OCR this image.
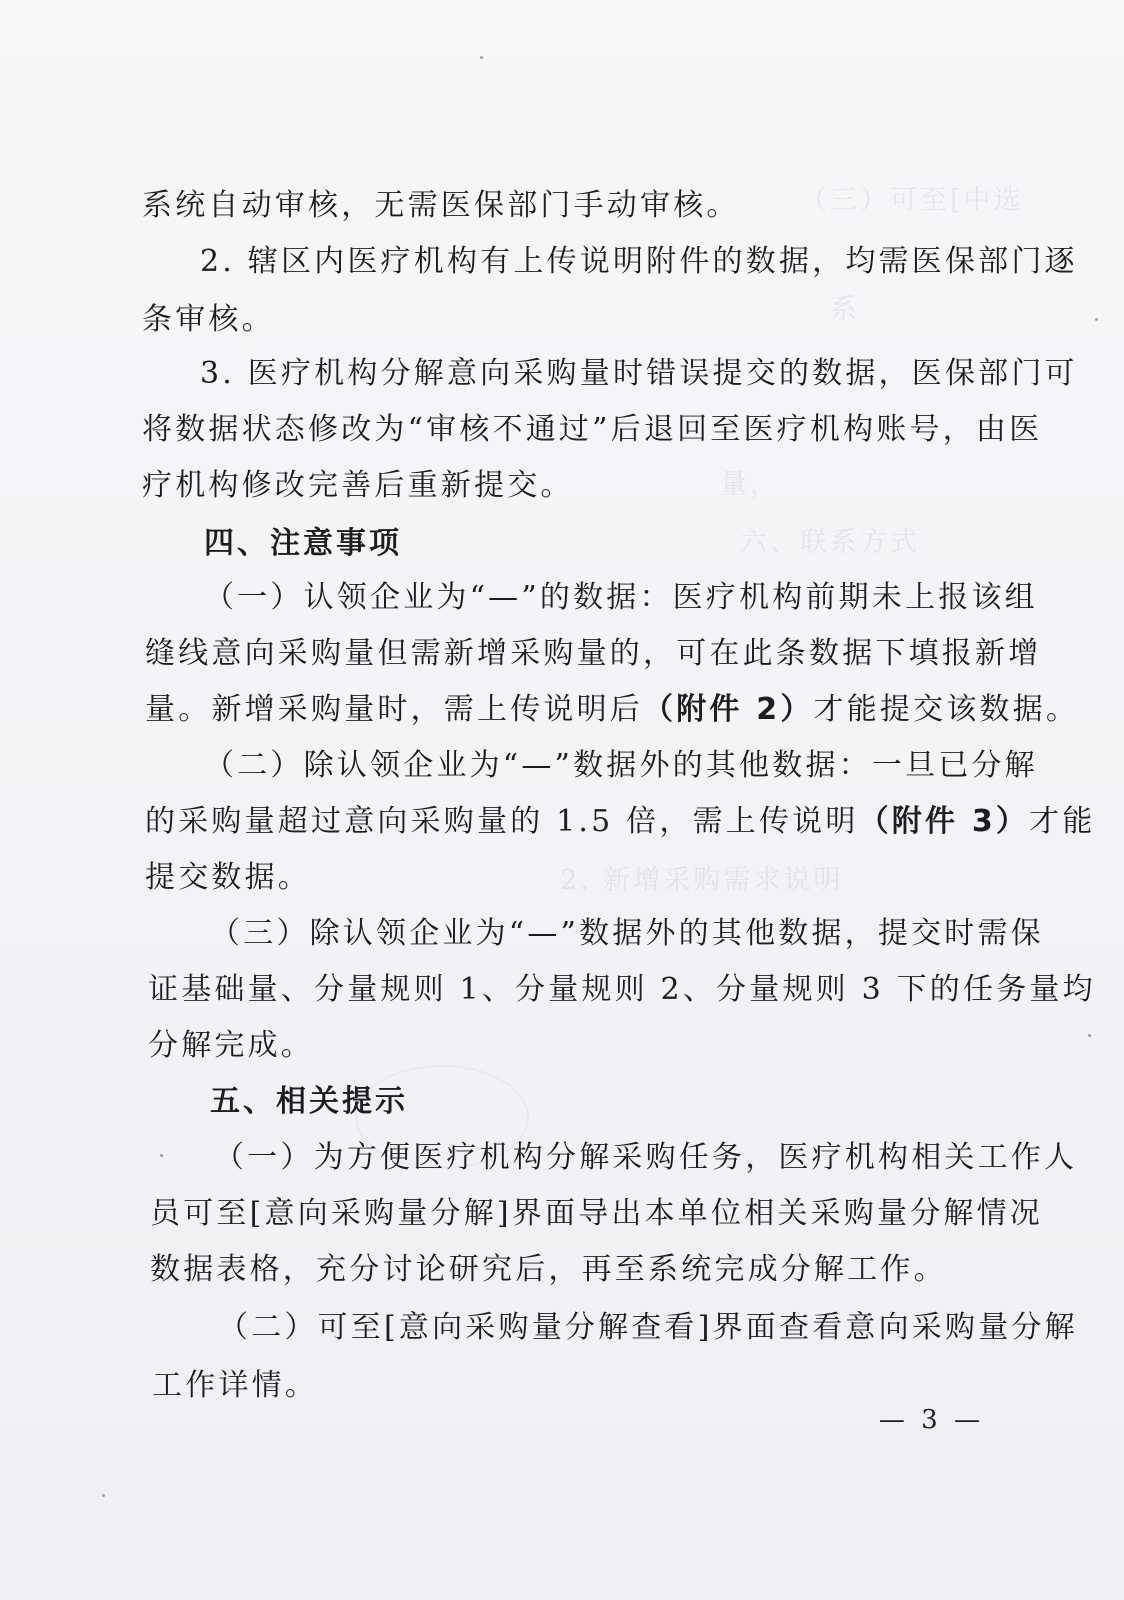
（三）可至[中选
系
量，
六、联系方式
2. 新增采购需求说明
系统自动审核，无需医保部门手动审核。
2. 辖区内医疗机构有上传说明附件的数据，均需医保部门逐
条审核。
3. 医疗机构分解意向采购量时错误提交的数据，医保部门可
将数据状态修改为“审核不通过”后退回至医疗机构账号，由医
疗机构修改完善后重新提交。
四、注意事项
（一）认领企业为“—”的数据：医疗机构前期未上报该组
缝线意向采购量但需新增采购量的，可在此条数据下填报新增
量。新增采购量时，需上传说明后（附件 2）才能提交该数据。
（二）除认领企业为“—”数据外的其他数据：一旦已分解
的采购量超过意向采购量的 1.5 倍，需上传说明（附件 3）才能
提交数据。
（三）除认领企业为“—”数据外的其他数据，提交时需保
证基础量、分量规则 1、分量规则 2、分量规则 3 下的任务量均
分解完成。
五、相关提示
（一）为方便医疗机构分解采购任务，医疗机构相关工作人
员可至[意向采购量分解]界面导出本单位相关采购量分解情况
数据表格，充分讨论研究后，再至系统完成分解工作。
（二）可至[意向采购量分解查看]界面查看意向采购量分解
工作详情。
— 3 —
